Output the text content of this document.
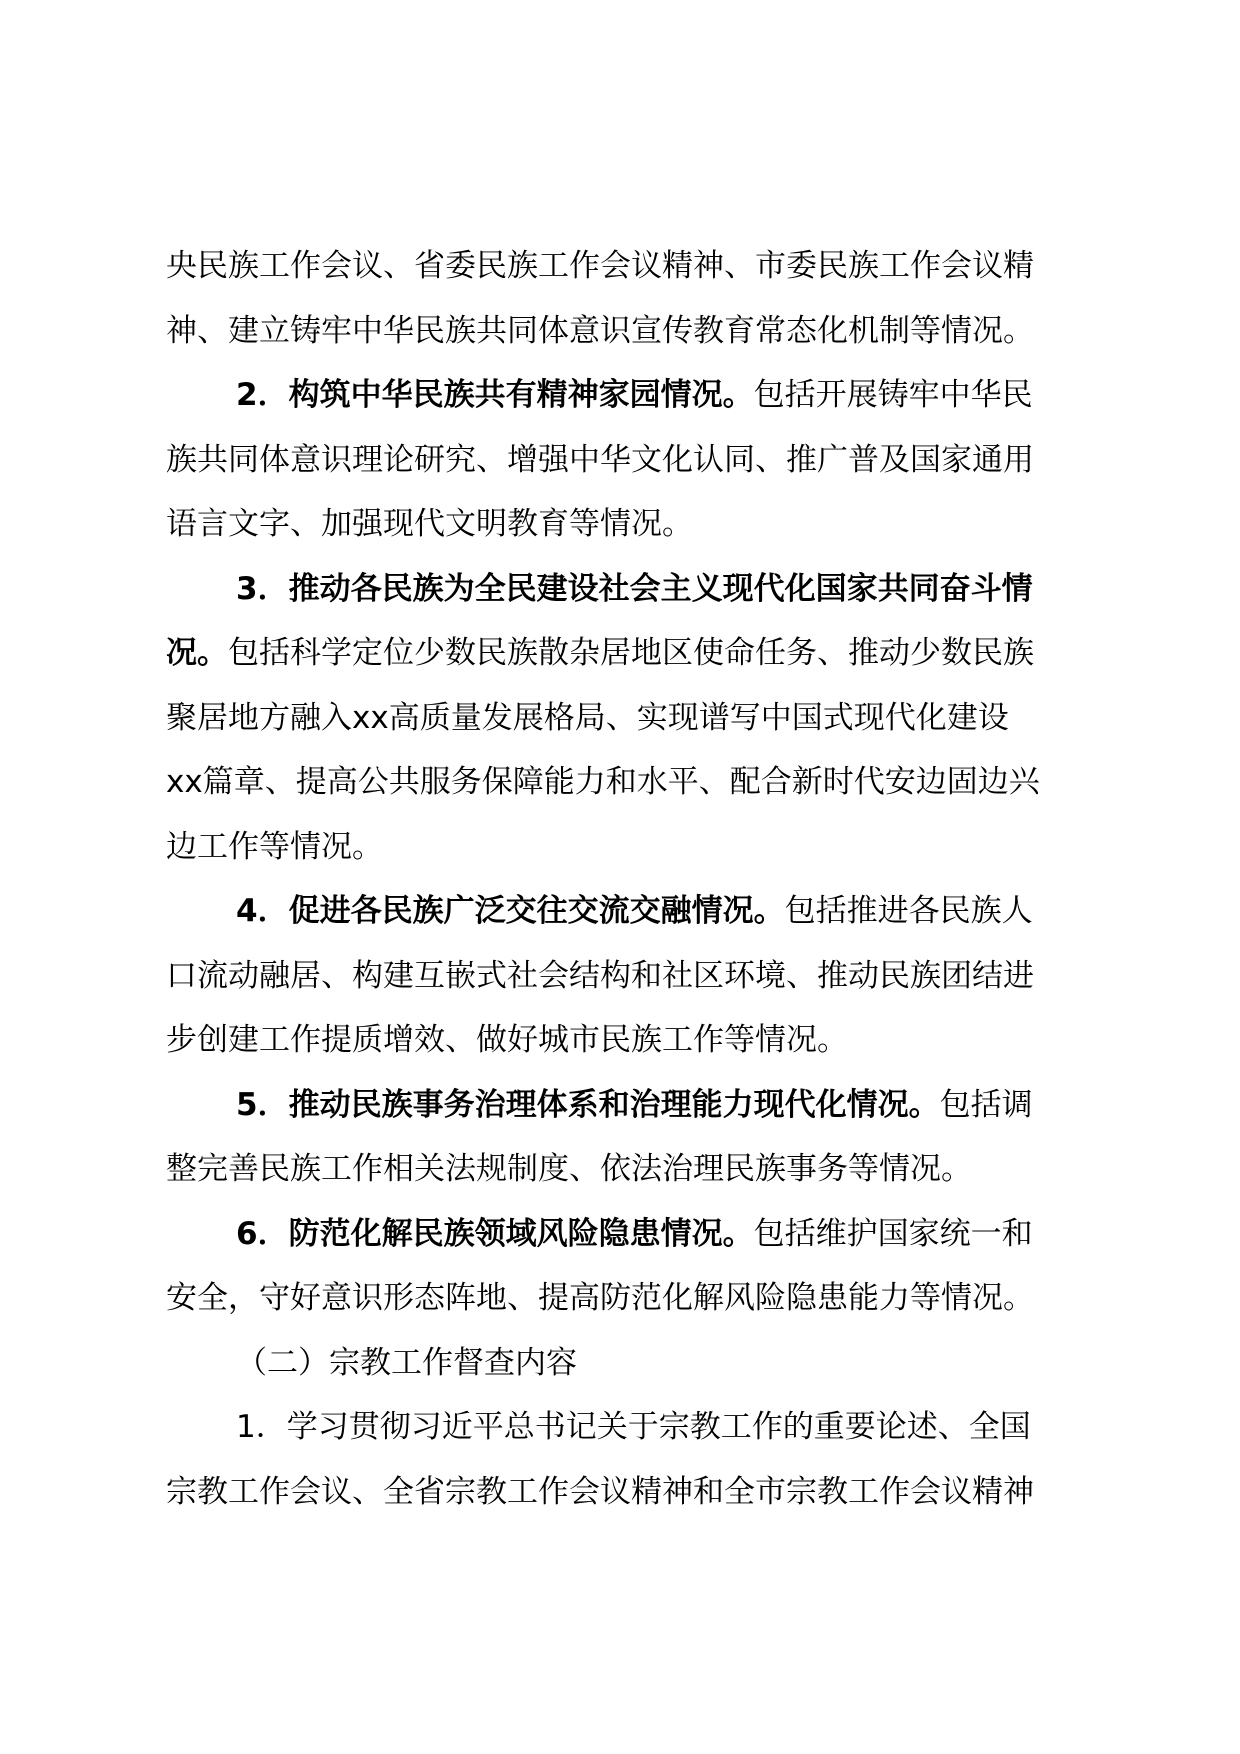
央民族工作会议、省委民族工作会议精神、市委民族工作会议精
神、建立铸牢中华民族共同体意识宣传教育常态化机制等情况。
2．构筑中华民族共有精神家园情况。包括开展铸牢中华民
族共同体意识理论研究、增强中华文化认同、推广普及国家通用
语言文字、加强现代文明教育等情况。
3．推动各民族为全民建设社会主义现代化国家共同奋斗情
况。包括科学定位少数民族散杂居地区使命任务、推动少数民族
聚居地方融入xx高质量发展格局、实现谱写中国式现代化建设
xx篇章、提高公共服务保障能力和水平、配合新时代安边固边兴
边工作等情况。
4．促进各民族广泛交往交流交融情况。包括推进各民族人
口流动融居、构建互嵌式社会结构和社区环境、推动民族团结进
步创建工作提质增效、做好城市民族工作等情况。
5．推动民族事务治理体系和治理能力现代化情况。包括调
整完善民族工作相关法规制度、依法治理民族事务等情况。
6．防范化解民族领域风险隐患情况。包括维护国家统一和
安全，守好意识形态阵地、提高防范化解风险隐患能力等情况。
（二）宗教工作督查内容
1．学习贯彻习近平总书记关于宗教工作的重要论述、全国
宗教工作会议、全省宗教工作会议精神和全市宗教工作会议精神
